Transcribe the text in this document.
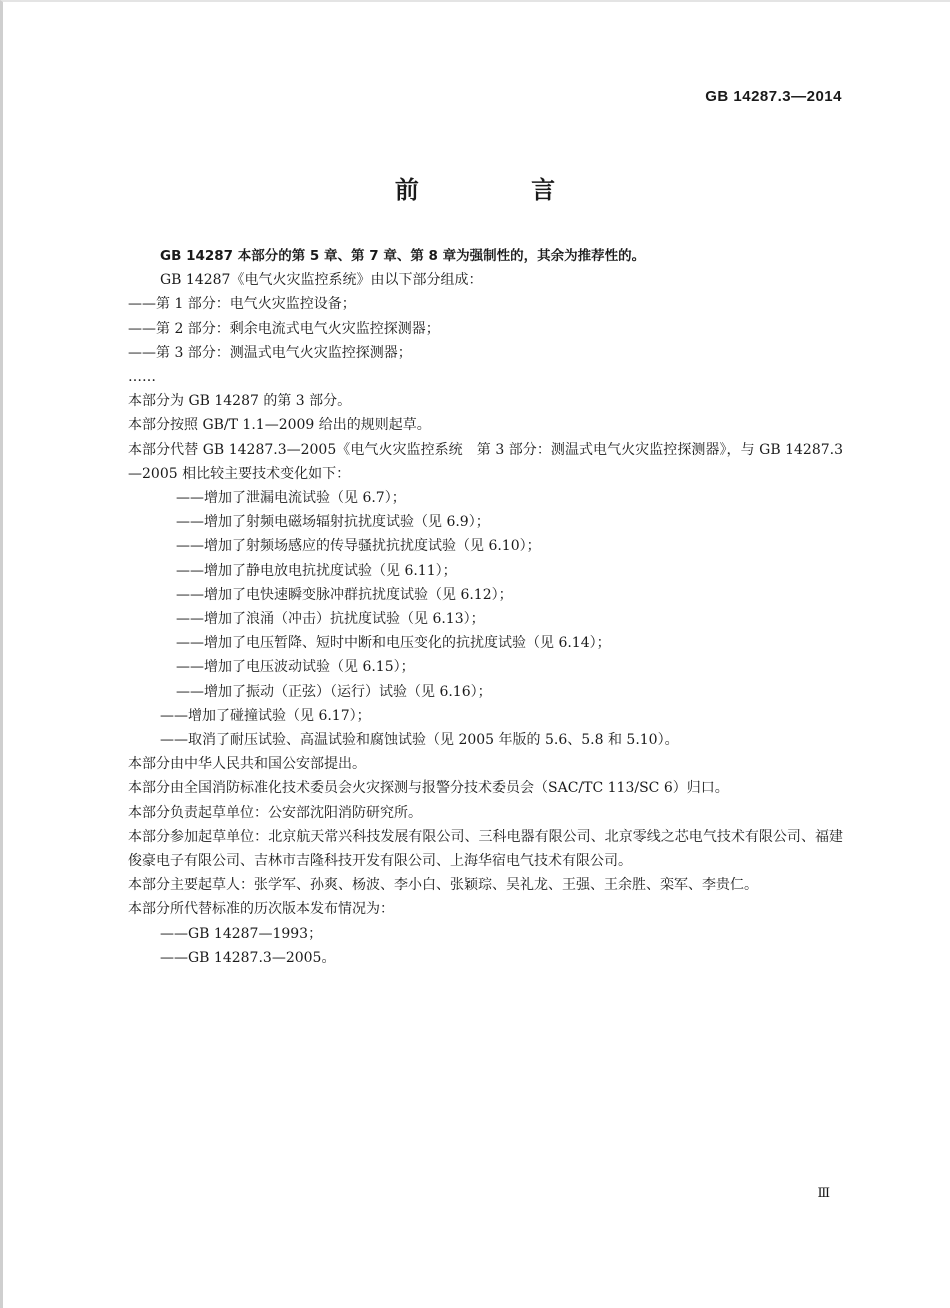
GB 14287.3—2014
前 言

GB 14287 本部分的第 5 章、第 7 章、第 8 章为强制性的，其余为推荐性的。

GB 14287《电气火灾监控系统》由以下部分组成：

——第 1 部分：电气火灾监控设备；

——第 2 部分：剩余电流式电气火灾监控探测器；

——第 3 部分：测温式电气火灾监控探测器；

……

本部分为 GB 14287 的第 3 部分。

本部分按照 GB/T 1.1—2009 给出的规则起草。

本部分代替 GB 14287.3—2005《电气火灾监控系统　第 3 部分：测温式电气火灾监控探测器》，与 GB 14287.3—2005 相比较主要技术变化如下：

——增加了泄漏电流试验（见 6.7）；

——增加了射频电磁场辐射抗扰度试验（见 6.9）；

——增加了射频场感应的传导骚扰抗扰度试验（见 6.10）；

——增加了静电放电抗扰度试验（见 6.11）；

——增加了电快速瞬变脉冲群抗扰度试验（见 6.12）；

——增加了浪涌（冲击）抗扰度试验（见 6.13）；

——增加了电压暂降、短时中断和电压变化的抗扰度试验（见 6.14）；

——增加了电压波动试验（见 6.15）；

——增加了振动（正弦）（运行）试验（见 6.16）；

——增加了碰撞试验（见 6.17）；

——取消了耐压试验、高温试验和腐蚀试验（见 2005 年版的 5.6、5.8 和 5.10）。

本部分由中华人民共和国公安部提出。

本部分由全国消防标准化技术委员会火灾探测与报警分技术委员会（SAC/TC 113/SC 6）归口。

本部分负责起草单位：公安部沈阳消防研究所。

本部分参加起草单位：北京航天常兴科技发展有限公司、三科电器有限公司、北京零线之芯电气技术有限公司、福建俊豪电子有限公司、吉林市吉隆科技开发有限公司、上海华宿电气技术有限公司。

本部分主要起草人：张学军、孙爽、杨波、李小白、张颖琮、吴礼龙、王强、王余胜、栾军、李贵仁。

本部分所代替标准的历次版本发布情况为：

——GB 14287—1993；

——GB 14287.3—2005。

Ⅲ
